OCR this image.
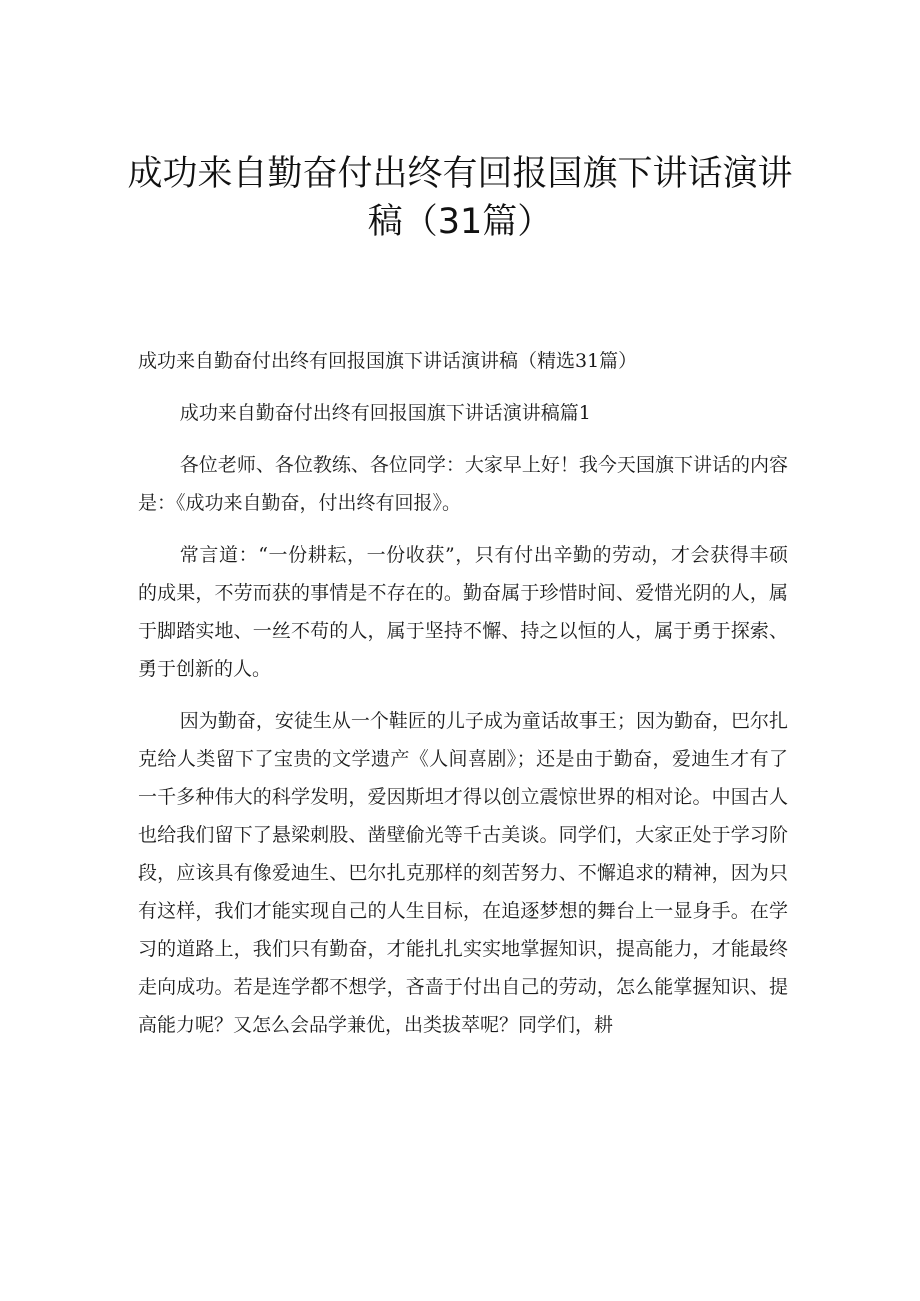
成功来自勤奋付出终有回报国旗下讲话演讲
稿（31篇）

成功来自勤奋付出终有回报国旗下讲话演讲稿（精选31篇）

成功来自勤奋付出终有回报国旗下讲话演讲稿篇1

各位老师、各位教练、各位同学：大家早上好！我今天国旗下讲话的内容是：《成功来自勤奋，付出终有回报》。

常言道：“一份耕耘，一份收获”，只有付出辛勤的劳动，才会获得丰硕的成果，不劳而获的事情是不存在的。勤奋属于珍惜时间、爱惜光阴的人，属于脚踏实地、一丝不苟的人，属于坚持不懈、持之以恒的人，属于勇于探索、勇于创新的人。

因为勤奋，安徒生从一个鞋匠的儿子成为童话故事王；因为勤奋，巴尔扎克给人类留下了宝贵的文学遗产《人间喜剧》；还是由于勤奋，爱迪生才有了一千多种伟大的科学发明，爱因斯坦才得以创立震惊世界的相对论。中国古人也给我们留下了悬梁刺股、凿壁偷光等千古美谈。同学们，大家正处于学习阶段，应该具有像爱迪生、巴尔扎克那样的刻苦努力、不懈追求的精神，因为只有这样，我们才能实现自己的人生目标，在追逐梦想的舞台上一显身手。在学习的道路上，我们只有勤奋，才能扎扎实实地掌握知识，提高能力，才能最终走向成功。若是连学都不想学，吝啬于付出自己的劳动，怎么能掌握知识、提高能力呢？又怎么会品学兼优，出类拔萃呢？同学们，耕
